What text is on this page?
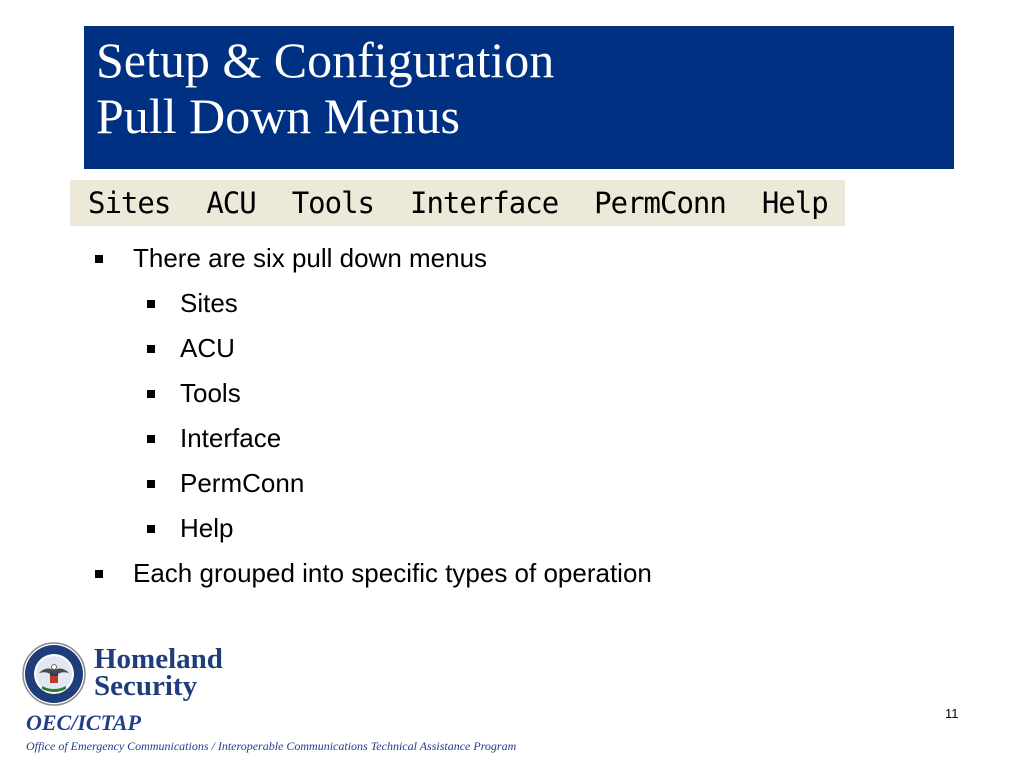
Setup & Configuration
Pull Down Menus
Sites ACU Tools Interface PermConn Help
There are six pull down menus
Sites
ACU
Tools
Interface
PermConn
Help
Each grouped into specific types of operation
Homeland
Security
OEC/ICTAP
Office of Emergency Communications / Interoperable Communications Technical Assistance Program
11
